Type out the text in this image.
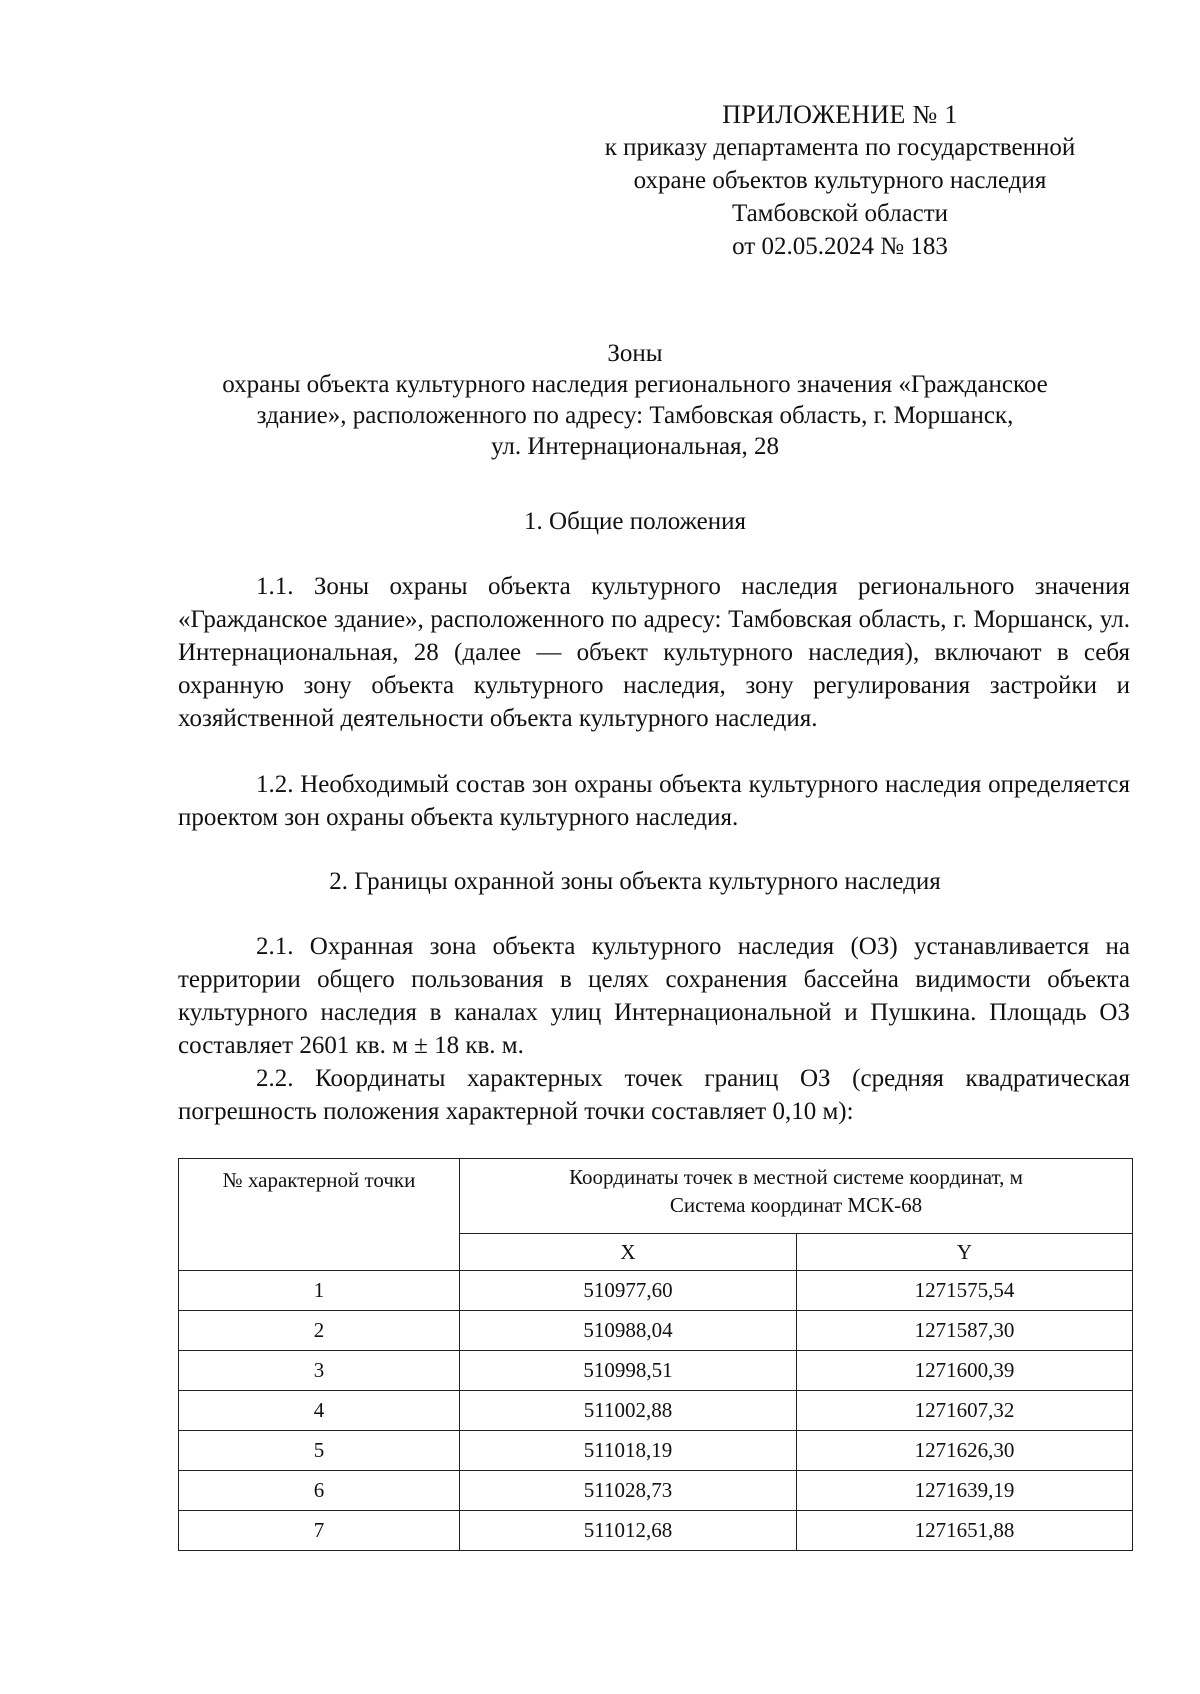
ПРИЛОЖЕНИЕ № 1
к приказу департамента по государственной
охране объектов культурного наследия
Тамбовской области
от 02.05.2024 № 183
Зоны
охраны объекта культурного наследия регионального значения «Гражданское
здание», расположенного по адресу: Тамбовская область, г. Моршанск,
ул. Интернациональная, 28
1. Общие положения
1.1. Зоны охраны объекта культурного наследия регионального значения «Гражданское здание», расположенного по адресу: Тамбовская область, г. Моршанск, ул. Интернациональная, 28 (далее — объект культурного наследия), включают в себя охранную зону объекта культурного наследия, зону регулирования застройки и хозяйственной деятельности объекта культурного наследия.
1.2. Необходимый состав зон охраны объекта культурного наследия определяется проектом зон охраны объекта культурного наследия.
2. Границы охранной зоны объекта культурного наследия
2.1. Охранная зона объекта культурного наследия (ОЗ) устанавливается на территории общего пользования в целях сохранения бассейна видимости объекта культурного наследия в каналах улиц Интернациональной и Пушкина. Площадь ОЗ составляет 2601 кв. м ± 18 кв. м.
2.2. Координаты характерных точек границ ОЗ (средняя квадратическая погрешность положения характерной точки составляет 0,10 м):
№ характерной точки	Координаты точек в местной системе координат, м
Система координат МСК-68	

	X	Y
1	510977,60	1271575,54
2	510988,04	1271587,30
3	510998,51	1271600,39
4	511002,88	1271607,32
5	511018,19	1271626,30
6	511028,73	1271639,19
7	511012,68	1271651,88
